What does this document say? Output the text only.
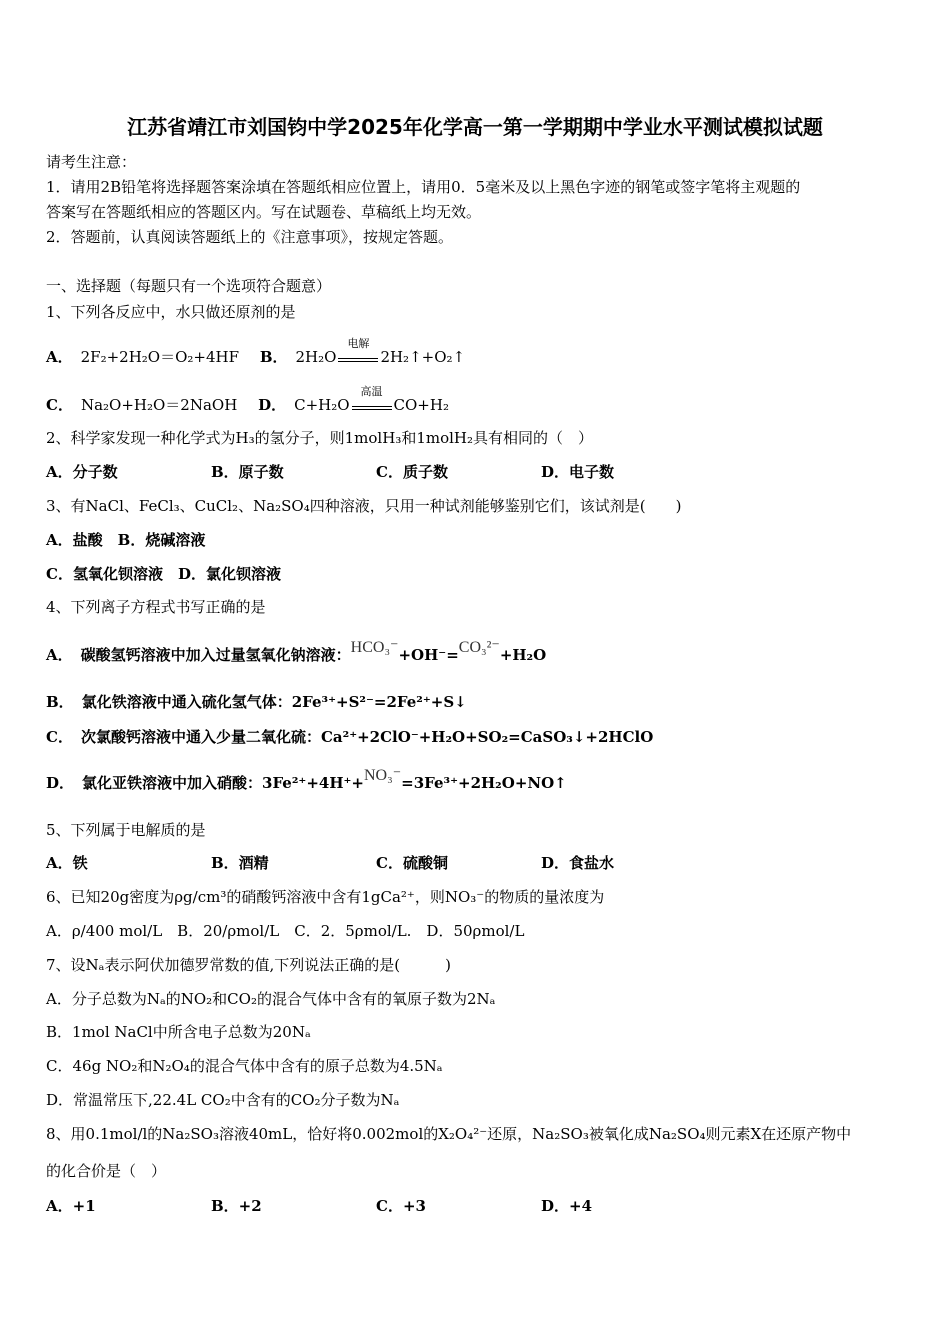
江苏省靖江市刘国钧中学2025年化学高一第一学期期中学业水平测试模拟试题
请考生注意：
1．请用2B铅笔将选择题答案涂填在答题纸相应位置上，请用0．5毫米及以上黑色字迹的钢笔或签字笔将主观题的
答案写在答题纸相应的答题区内。写在试题卷、草稿纸上均无效。
2．答题前，认真阅读答题纸上的《注意事项》，按规定答题。
一、选择题（每题只有一个选项符合题意）
1、下列各反应中，水只做还原剂的是
A． 2F₂+2H₂O＝O₂+4HF B． 2H₂O
电解
2H₂↑+O₂↑
C． Na₂O+H₂O＝2NaOH D． C+H₂O
高温
CO+H₂
2、科学家发现一种化学式为H₃的氢分子，则1molH₃和1molH₂具有相同的（　）
A．分子数	B．原子数	C．质子数	D．电子数
3、有NaCl、FeCl₃、CuCl₂、Na₂SO₄四种溶液，只用一种试剂能够鉴别它们，该试剂是(　　)
A．盐酸　B．烧碱溶液
C．氢氧化钡溶液　D．氯化钡溶液
4、下列离子方程式书写正确的是
A． 碳酸氢钙溶液中加入过量氢氧化钠溶液：HCO₃⁻+OH⁻=CO₃²⁻+H₂O
B． 氯化铁溶液中通入硫化氢气体：2Fe³⁺+S²⁻=2Fe²⁺+S↓
C． 次氯酸钙溶液中通入少量二氧化硫：Ca²⁺+2ClO⁻+H₂O+SO₂=CaSO₃↓+2HClO
D． 氯化亚铁溶液中加入硝酸：3Fe²⁺+4H⁺+NO₃⁻=3Fe³⁺+2H₂O+NO↑
5、下列属于电解质的是
A．铁	B．酒精	C．硫酸铜	D．食盐水
6、已知20g密度为ρg/cm³的硝酸钙溶液中含有1gCa²⁺，则NO₃⁻的物质的量浓度为
A．ρ/400 mol/L　B．20/ρmol/L　C．2．5ρmol/L.　D．50ρmol/L
7、设Nₐ表示阿伏加德罗常数的值,下列说法正确的是(　　　)
A．分子总数为Nₐ的NO₂和CO₂的混合气体中含有的氧原子数为2Nₐ
B．1mol NaCl中所含电子总数为20Nₐ
C．46g NO₂和N₂O₄的混合气体中含有的原子总数为4.5Nₐ
D．常温常压下,22.4L CO₂中含有的CO₂分子数为Nₐ
8、用0.1mol/l的Na₂SO₃溶液40mL，恰好将0.002mol的X₂O₄²⁻还原，Na₂SO₃被氧化成Na₂SO₄则元素X在还原产物中
的化合价是（　）
A．+1	B．+2	C．+3	D．+4
